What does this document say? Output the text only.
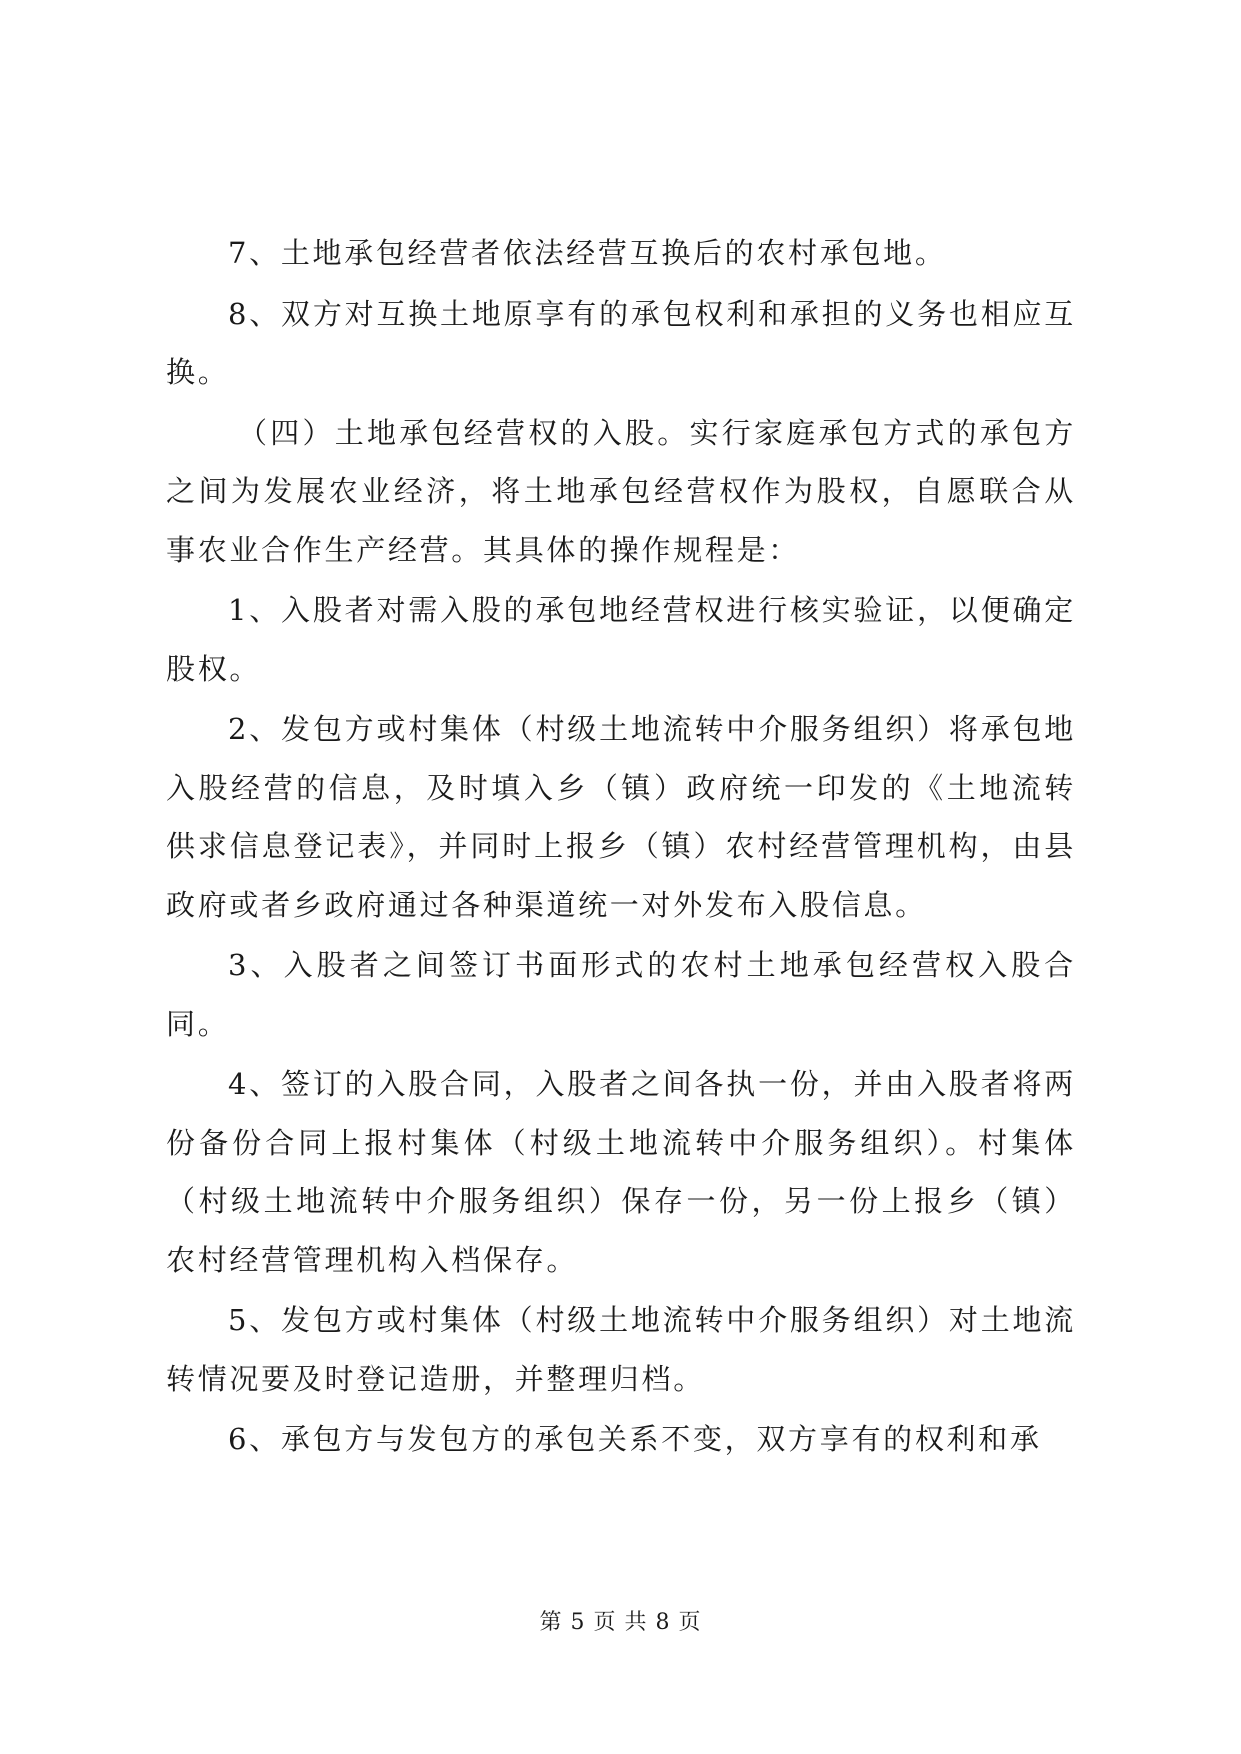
7、土地承包经营者依法经营互换后的农村承包地。

8、双方对互换土地原享有的承包权利和承担的义务也相应互换。

（四）土地承包经营权的入股。实行家庭承包方式的承包方之间为发展农业经济，将土地承包经营权作为股权，自愿联合从事农业合作生产经营。其具体的操作规程是：

1、入股者对需入股的承包地经营权进行核实验证，以便确定股权。

2、发包方或村集体（村级土地流转中介服务组织）将承包地入股经营的信息，及时填入乡（镇）政府统一印发的《土地流转供求信息登记表》，并同时上报乡（镇）农村经营管理机构，由县政府或者乡政府通过各种渠道统一对外发布入股信息。

3、入股者之间签订书面形式的农村土地承包经营权入股合同。

4、签订的入股合同，入股者之间各执一份，并由入股者将两份备份合同上报村集体（村级土地流转中介服务组织）。村集体（村级土地流转中介服务组织）保存一份，另一份上报乡（镇）农村经营管理机构入档保存。

5、发包方或村集体（村级土地流转中介服务组织）对土地流转情况要及时登记造册，并整理归档。

6、承包方与发包方的承包关系不变，双方享有的权利和承

第 5 页 共 8 页
